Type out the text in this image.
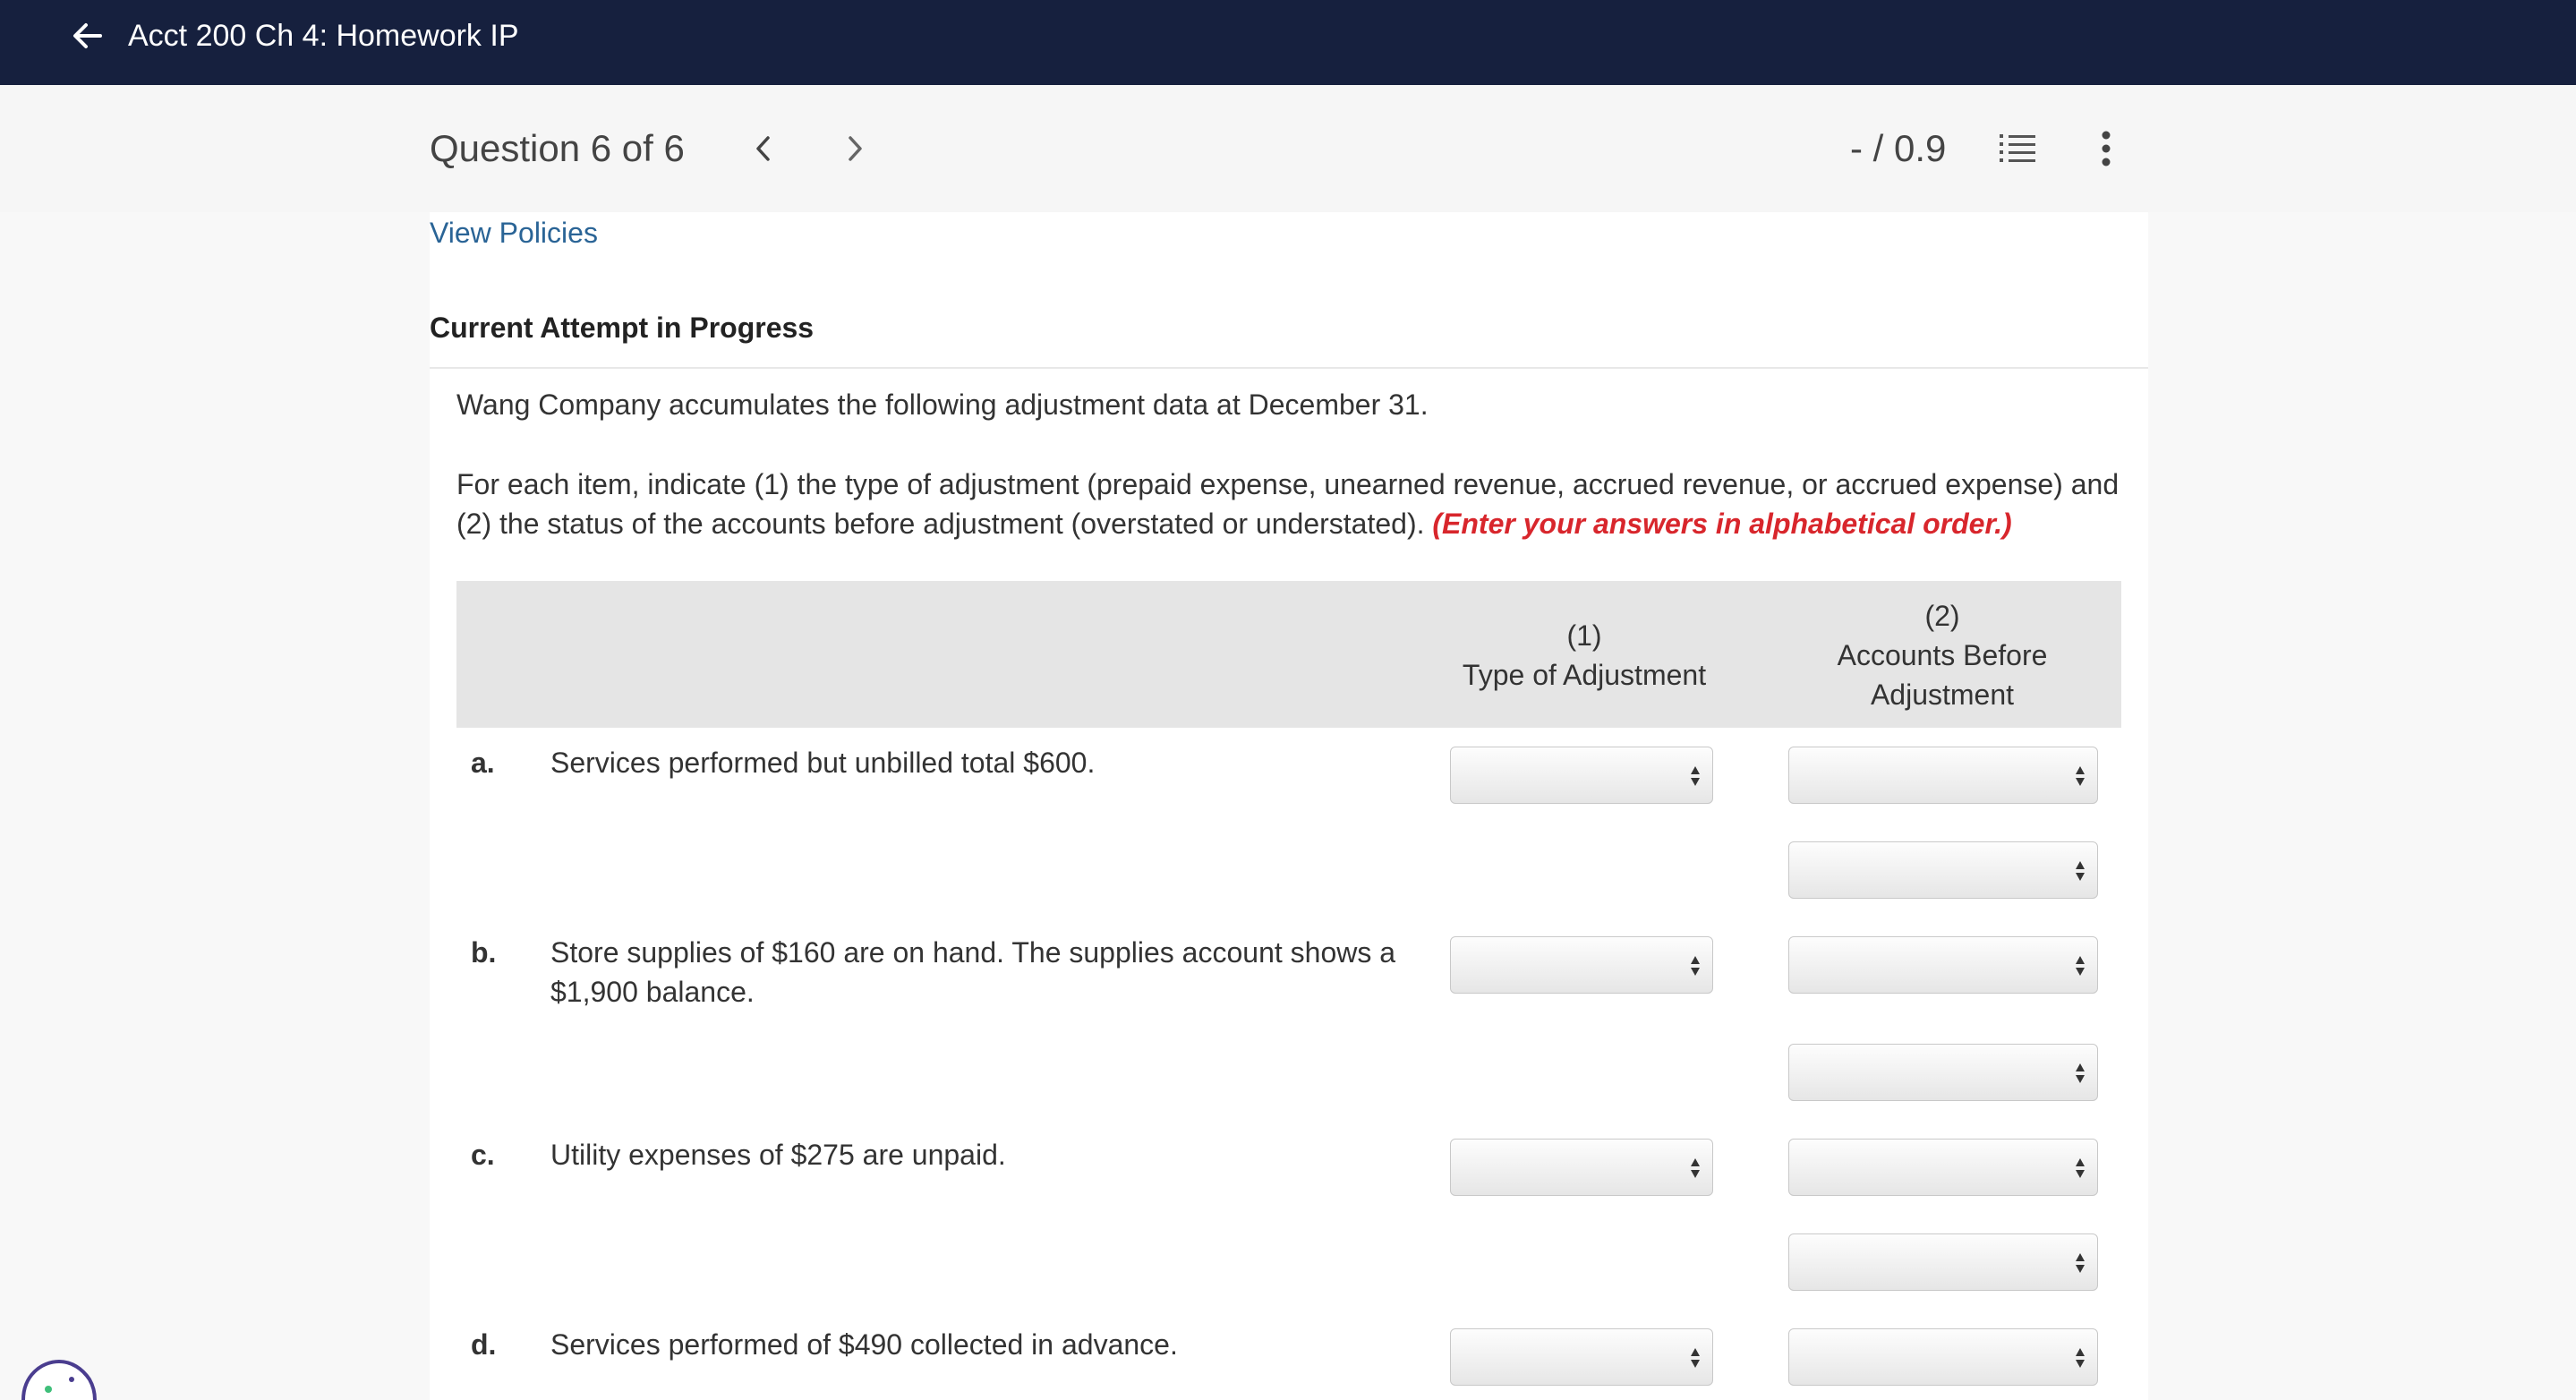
Acct 200 Ch 4: Homework IP
Question 6 of 6	- / 0.9
View Policies
Current Attempt in Progress
Wang Company accumulates the following adjustment data at December 31.
For each item, indicate (1) the type of adjustment (prepaid expense, unearned revenue, accrued revenue, or accrued expense) and (2) the status of the accounts before adjustment (overstated or understated). (Enter your answers in alphabetical order.)
(1)
Type of Adjustment
(2)
Accounts Before
Adjustment
a. Services performed but unbilled total $600.
b. Store supplies of $160 are on hand. The supplies account shows a
$1,900 balance.
c. Utility expenses of $275 are unpaid.
d. Services performed of $490 collected in advance.
